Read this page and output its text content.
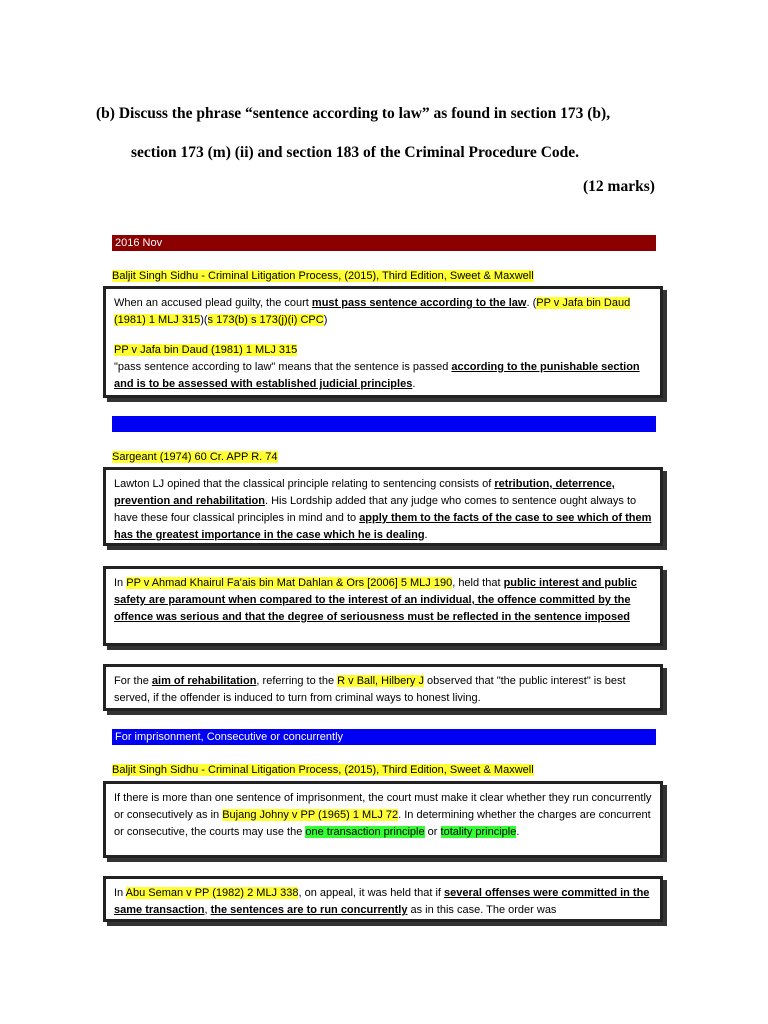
(b) Discuss the phrase “sentence according to law” as found in section 173 (b),
section 173 (m) (ii) and section 183 of the Criminal Procedure Code.
(12 marks)
2016 Nov
Baljit Singh Sidhu - Criminal Litigation Process, (2015), Third Edition, Sweet & Maxwell
When an accused plead guilty, the court must pass sentence according to the law. (PP v Jafa bin Daud (1981) 1 MLJ 315)(s 173(b) s 173(j)(i) CPC)
PP v Jafa bin Daud (1981) 1 MLJ 315
"pass sentence according to law" means that the sentence is passed according to the punishable section and is to be assessed with established judicial principles.
Sargeant (1974) 60 Cr. APP R. 74
Lawton LJ opined that the classical principle relating to sentencing consists of retribution, deterrence, prevention and rehabilitation. His Lordship added that any judge who comes to sentence ought always to have these four classical principles in mind and to apply them to the facts of the case to see which of them has the greatest importance in the case which he is dealing.
In PP v Ahmad Khairul Fa'ais bin Mat Dahlan & Ors [2006] 5 MLJ 190, held that public interest and public safety are paramount when compared to the interest of an individual, the offence committed by the offence was serious and that the degree of seriousness must be reflected in the sentence imposed
For the aim of rehabilitation, referring to the R v Ball, Hilbery J observed that "the public interest" is best served, if the offender is induced to turn from criminal ways to honest living.
For imprisonment, Consecutive or concurrently
Baljit Singh Sidhu - Criminal Litigation Process, (2015), Third Edition, Sweet & Maxwell
If there is more than one sentence of imprisonment, the court must make it clear whether they run concurrently or consecutively as in Bujang Johny v PP (1965) 1 MLJ 72. In determining whether the charges are concurrent or consecutive, the courts may use the one transaction principle or totality principle.
In Abu Seman v PP (1982) 2 MLJ 338, on appeal, it was held that if several offenses were committed in the same transaction, the sentences are to run concurrently as in this case. The order was
